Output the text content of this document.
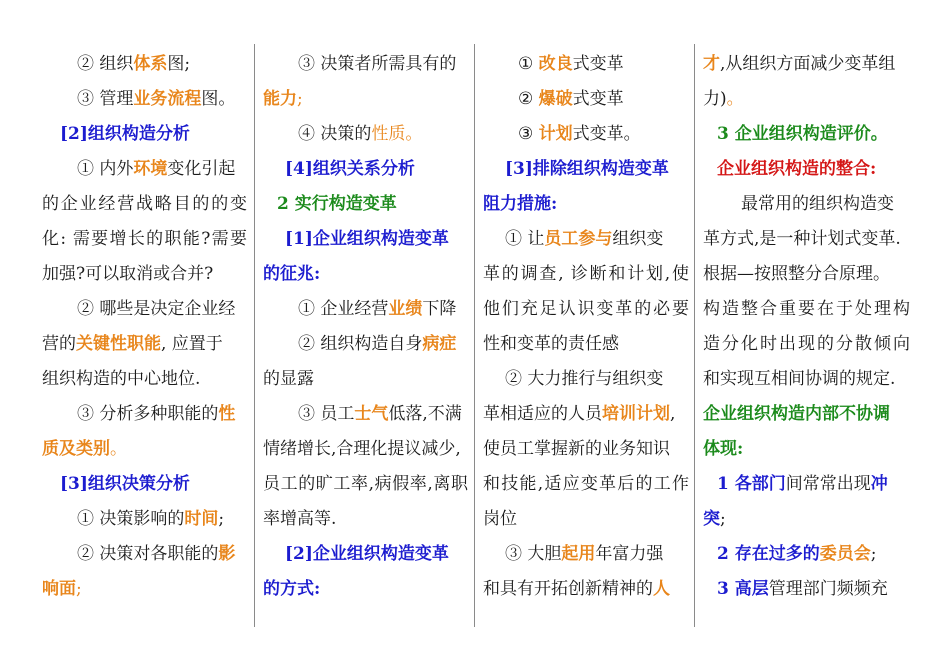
② 组织体系图;
③ 管理业务流程图。
[2]组织构造分析
① 内外环境变化引起
的企业经营战略目的的变
化: 需要增长的职能?需要
加强?可以取消或合并?
② 哪些是决定企业经
营的关键性职能, 应置于
组织构造的中心地位.
③ 分析多种职能的性
质及类别。
[3]组织决策分析
① 决策影响的时间;
② 决策对各职能的影
响面;
③ 决策者所需具有的
能力;
④ 决策的性质。
[4]组织关系分析
2 实行构造变革
[1]企业组织构造变革
的征兆:
① 企业经营业绩下降
② 组织构造自身病症
的显露
③ 员工士气低落,不满
情绪增长,合理化提议减少,
员工的旷工率,病假率,离职
率增高等.
[2]企业组织构造变革
的方式:
① 改良式变革
② 爆破式变革
③ 计划式变革。
[3]排除组织构造变革
阻力措施:
① 让员工参与组织变
革的调查, 诊断和计划,使
他们充足认识变革的必要
性和变革的责任感
② 大力推行与组织变
革相适应的人员培训计划,
使员工掌握新的业务知识
和技能,适应变革后的工作
岗位
③ 大胆起用年富力强
和具有开拓创新精神的人
才,从组织方面减少变革组
力)。
3 企业组织构造评价。
企业组织构造的整合:
最常用的组织构造变
革方式,是一种计划式变革.
根据—按照整分合原理。
构造整合重要在于处理构
造分化时出现的分散倾向
和实现互相间协调的规定.
企业组织构造内部不协调
体现:
1 各部门间常常出现冲
突;
2 存在过多的委员会;
3 高层管理部门频频充
